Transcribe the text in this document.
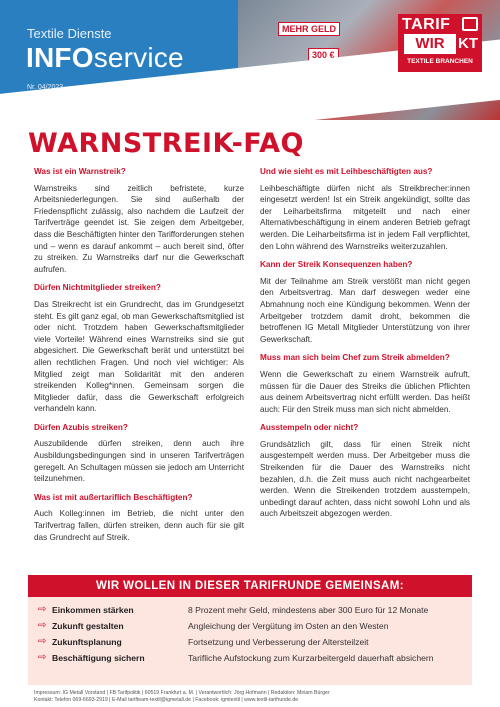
MEHR GELD
300 €
Textile Dienste
INFOservice
Nr. 04/2023
TARIF
WIR KT
TEXTILE BRANCHEN
WARNSTREIK-FAQ
Was ist ein Warnstreik?
Warnstreiks sind zeitlich befristete, kurze Arbeitsniederlegungen. Sie sind außerhalb der Friedenspflicht zulässig, also nachdem die Laufzeit der Tarifverträge geendet ist. Sie zeigen dem Arbeitgeber, dass die Beschäftigten hinter den Tarifforderungen stehen und – wenn es darauf ankommt – auch bereit sind, öfter zu streiken. Zu Warnstreiks darf nur die Gewerkschaft aufrufen.
Dürfen Nichtmitglieder streiken?
Das Streikrecht ist ein Grundrecht, das im Grundgesetzt steht. Es gilt ganz egal, ob man Gewerkschaftsmitglied ist oder nicht. Trotzdem haben Gewerkschaftsmitglieder viele Vorteile! Während eines Warnstreiks sind sie gut abgesichert. Die Gewerkschaft berät und unterstützt bei allen rechtlichen Fragen. Und noch viel wichtiger: Als Mitglied zeigt man Solidarität mit den anderen streikenden Kolleg*innen. Gemeinsam sorgen die Mitglieder dafür, dass die Gewerkschaft erfolgreich verhandeln kann.
Dürfen Azubis streiken?
Auszubildende dürfen streiken, denn auch ihre Ausbildungsbedingungen sind in unseren Tarifverträgen geregelt. An Schultagen müssen sie jedoch am Unterricht teilzunehmen.
Was ist mit außertariflich Beschäftigten?
Auch Kolleg:innen im Betrieb, die nicht unter den Tarifvertrag fallen, dürfen streiken, denn auch für sie gilt das Grundrecht auf Streik.
Und wie sieht es mit Leihbeschäftigten aus?
Leihbeschäftigte dürfen nicht als Streikbrecher:innen eingesetzt werden! Ist ein Streik angekündigt, sollte das der Leiharbeitsfirma mitgeteilt und nach einer Alternativbeschäftigung in einem anderen Betrieb gefragt werden. Die Leiharbeitsfirma ist in jedem Fall verpflichtet, den Lohn während des Warnstreiks weiterzuzahlen.
Kann der Streik Konsequenzen haben?
Mit der Teilnahme am Streik verstößt man nicht gegen den Arbeitsvertrag. Man darf deswegen weder eine Abmahnung noch eine Kündigung bekommen. Wenn der Arbeitgeber trotzdem damit droht, bekommen die betroffenen IG Metall Mitglieder Unterstützung von ihrer Gewerkschaft.
Muss man sich beim Chef zum Streik abmelden?
Wenn die Gewerkschaft zu einem Warnstreik aufruft, müssen für die Dauer des Streiks die üblichen Pflichten aus deinem Arbeitsvertrag nicht erfüllt werden. Das heißt auch: Für den Streik muss man sich nicht abmelden.
Ausstempeln oder nicht?
Grundsätzlich gilt, dass für einen Streik nicht ausgestempelt werden muss. Der Arbeitgeber muss die Streikenden für die Dauer des Warnstreiks nicht bezahlen, d.h. die Zeit muss auch nicht nachgearbeitet werden. Wenn die Streikenden trotzdem ausstempeln, unbedingt darauf achten, dass nicht sowohl Lohn und als auch Arbeitszeit abgezogen werden.
WIR WOLLEN IN DIESER TARIFRUNDE GEMEINSAM:
⇨ Einkommen stärken	8 Prozent mehr Geld, mindestens aber 300 Euro für 12 Monate
⇨ Zukunft gestalten	Angleichung der Vergütung im Osten an den Westen
⇨ Zukunftsplanung	Fortsetzung und Verbesserung der Altersteilzeit
⇨ Beschäftigung sichern	Tarifliche Aufstockung zum Kurzarbeitergeld dauerhaft absichern
Impressum: IG Metall Vorstand | FB Tarifpolitik | 60519 Frankfurt a. M. | Verantwortlich: Jörg Hofmann | Redaktion: Miriam Bürger
Kontakt: Telefon 069-6693-2919 | E-Mail tarifteam-textil@igmetall.de | Facebook: igmtextil | www.textil-tarifrunde.de
